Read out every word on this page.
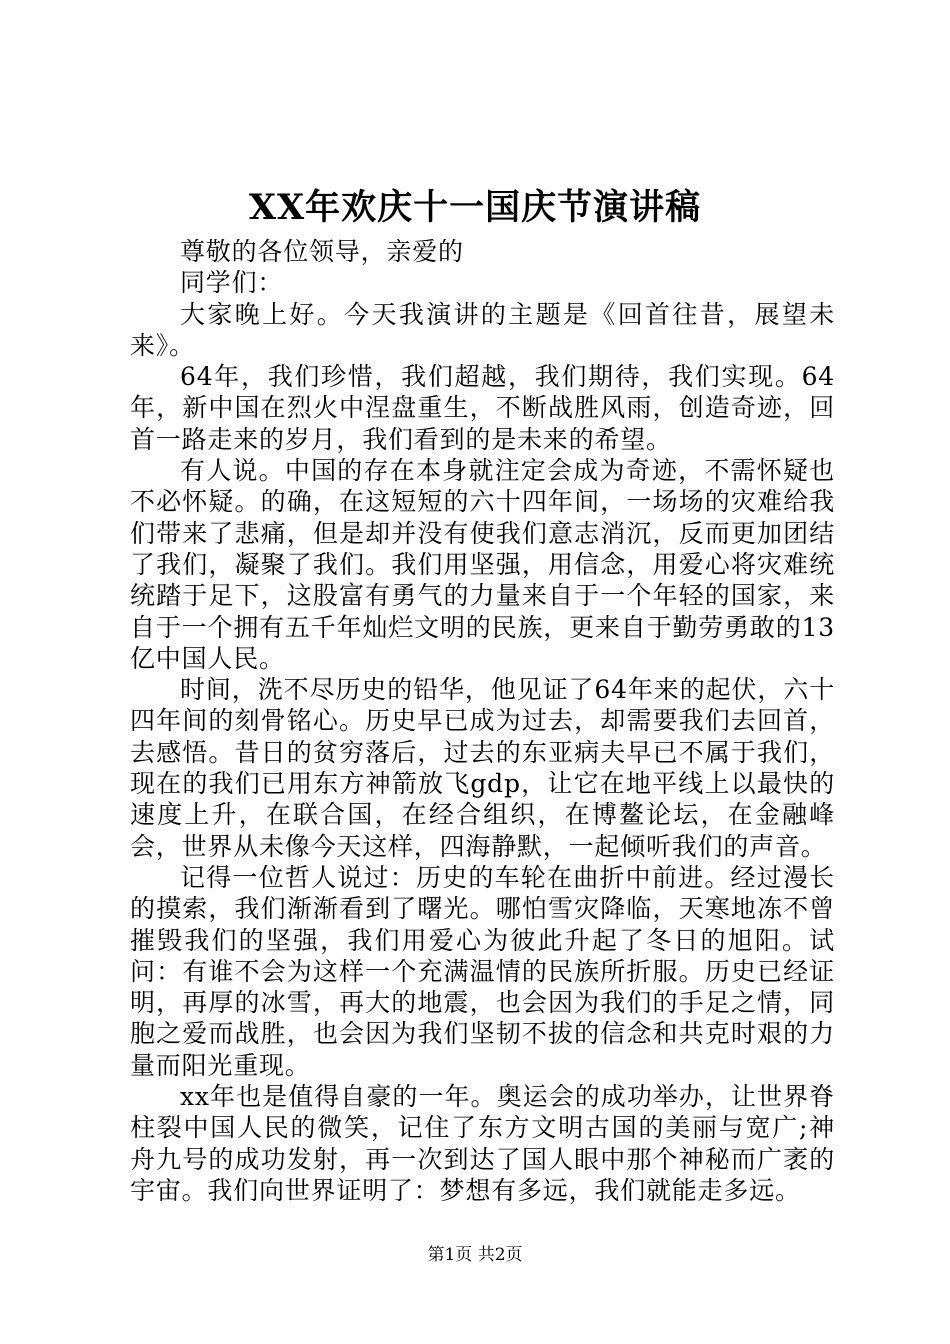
XX年欢庆十一国庆节演讲稿

尊敬的各位领导，亲爱的

同学们：

大家晚上好。今天我演讲的主题是《回首往昔，展望未来》。

64年，我们珍惜，我们超越，我们期待，我们实现。64年，新中国在烈火中涅盘重生，不断战胜风雨，创造奇迹，回首一路走来的岁月，我们看到的是未来的希望。

有人说。中国的存在本身就注定会成为奇迹，不需怀疑也不必怀疑。的确，在这短短的六十四年间，一场场的灾难给我们带来了悲痛，但是却并没有使我们意志消沉，反而更加团结了我们，凝聚了我们。我们用坚强，用信念，用爱心将灾难统统踏于足下，这股富有勇气的力量来自于一个年轻的国家，来自于一个拥有五千年灿烂文明的民族，更来自于勤劳勇敢的13亿中国人民。

时间，洗不尽历史的铅华，他见证了64年来的起伏，六十四年间的刻骨铭心。历史早已成为过去，却需要我们去回首，去感悟。昔日的贫穷落后，过去的东亚病夫早已不属于我们，现在的我们已用东方神箭放飞gdp，让它在地平线上以最快的速度上升，在联合国，在经合组织，在博鳌论坛，在金融峰会，世界从未像今天这样，四海静默，一起倾听我们的声音。

记得一位哲人说过：历史的车轮在曲折中前进。经过漫长的摸索，我们渐渐看到了曙光。哪怕雪灾降临，天寒地冻不曾摧毁我们的坚强，我们用爱心为彼此升起了冬日的旭阳。试问：有谁不会为这样一个充满温情的民族所折服。历史已经证明，再厚的冰雪，再大的地震，也会因为我们的手足之情，同胞之爱而战胜，也会因为我们坚韧不拔的信念和共克时艰的力量而阳光重现。

xx年也是值得自豪的一年。奥运会的成功举办，让世界脊柱裂中国人民的微笑，记住了东方文明古国的美丽与宽广;神舟九号的成功发射，再一次到达了国人眼中那个神秘而广袤的宇宙。我们向世界证明了：梦想有多远，我们就能走多远。

第1页 共2页
